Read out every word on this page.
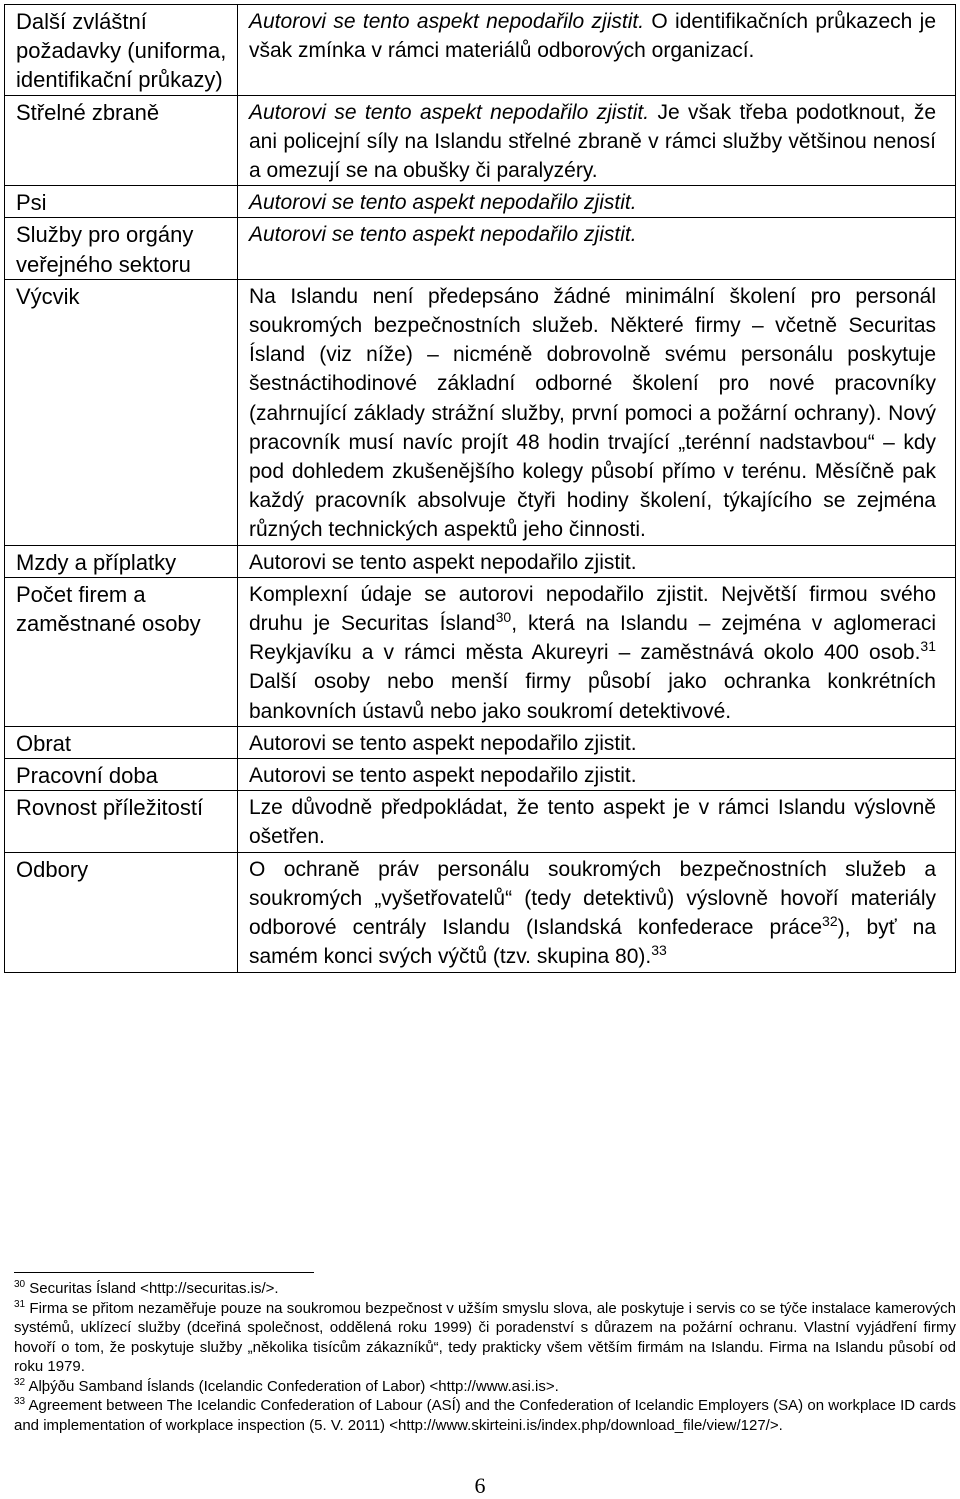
Další zvláštní požadavky (uniforma, identifikační průkazy)	Autorovi se tento aspekt nepodařilo zjistit. O identifikačních průkazech je však zmínka v rámci materiálů odborových organizací.
Střelné zbraně	Autorovi se tento aspekt nepodařilo zjistit. Je však třeba podotknout, že ani policejní síly na Islandu střelné zbraně v rámci služby většinou nenosí a omezují se na obušky či paralyzéry.
Psi	Autorovi se tento aspekt nepodařilo zjistit.
Služby pro orgány veřejného sektoru	Autorovi se tento aspekt nepodařilo zjistit.
Výcvik	Na Islandu není předepsáno žádné minimální školení pro personál soukromých bezpečnostních služeb. Některé firmy – včetně Securitas Ísland (viz níže) – nicméně dobrovolně svému personálu poskytuje šestnáctihodinové základní odborné školení pro nové pracovníky (zahrnující základy strážní služby, první pomoci a požární ochrany). Nový pracovník musí navíc projít 48 hodin trvající „terénní nadstavbou“ – kdy pod dohledem zkušenějšího kolegy působí přímo v terénu. Měsíčně pak každý pracovník absolvuje čtyři hodiny školení, týkajícího se zejména různých technických aspektů jeho činnosti.
Mzdy a příplatky	Autorovi se tento aspekt nepodařilo zjistit.
Počet firem a zaměstnané osoby	Komplexní údaje se autorovi nepodařilo zjistit. Největší firmou svého druhu je Securitas Ísland$^{30}$, která na Islandu – zejména v aglomeraci Reykjavíku a v rámci města Akureyri – zaměstnává okolo 400 osob.$^{31}$ Další osoby nebo menší firmy působí jako ochranka konkrétních bankovních ústavů nebo jako soukromí detektivové.
Obrat	Autorovi se tento aspekt nepodařilo zjistit.
Pracovní doba	Autorovi se tento aspekt nepodařilo zjistit.
Rovnost příležitostí	Lze důvodně předpokládat, že tento aspekt je v rámci Islandu výslovně ošetřen.
Odbory	O ochraně práv personálu soukromých bezpečnostních služeb a soukromých „vyšetřovatelů“ (tedy detektivů) výslovně hovoří materiály odborové centrály Islandu (Islandská konfederace práce$^{32}$), byť na samém konci svých výčtů (tzv. skupina 80).$^{33}$

$^{30}$ Securitas Ísland <http://securitas.is/>.

$^{31}$ Firma se přitom nezaměřuje pouze na soukromou bezpečnost v užším smyslu slova, ale poskytuje i servis co se týče instalace kamerových systémů, uklízecí služby (dceřiná společnost, oddělená roku 1999) či poradenství s důrazem na požární ochranu. Vlastní vyjádření firmy hovoří o tom, že poskytuje služby „několika tisícům zákazníků“, tedy prakticky všem větším firmám na Islandu. Firma na Islandu působí od roku 1979.

$^{32}$ Alþýðu Samband Íslands (Icelandic Confederation of Labor) <http://www.asi.is>.

$^{33}$ Agreement between The Icelandic Confederation of Labour (ASÍ) and the Confederation of Icelandic Employers (SA) on workplace ID cards and implementation of workplace inspection (5. V. 2011) <http://www.skirteini.is/index.php/download_file/view/127/>.

6
